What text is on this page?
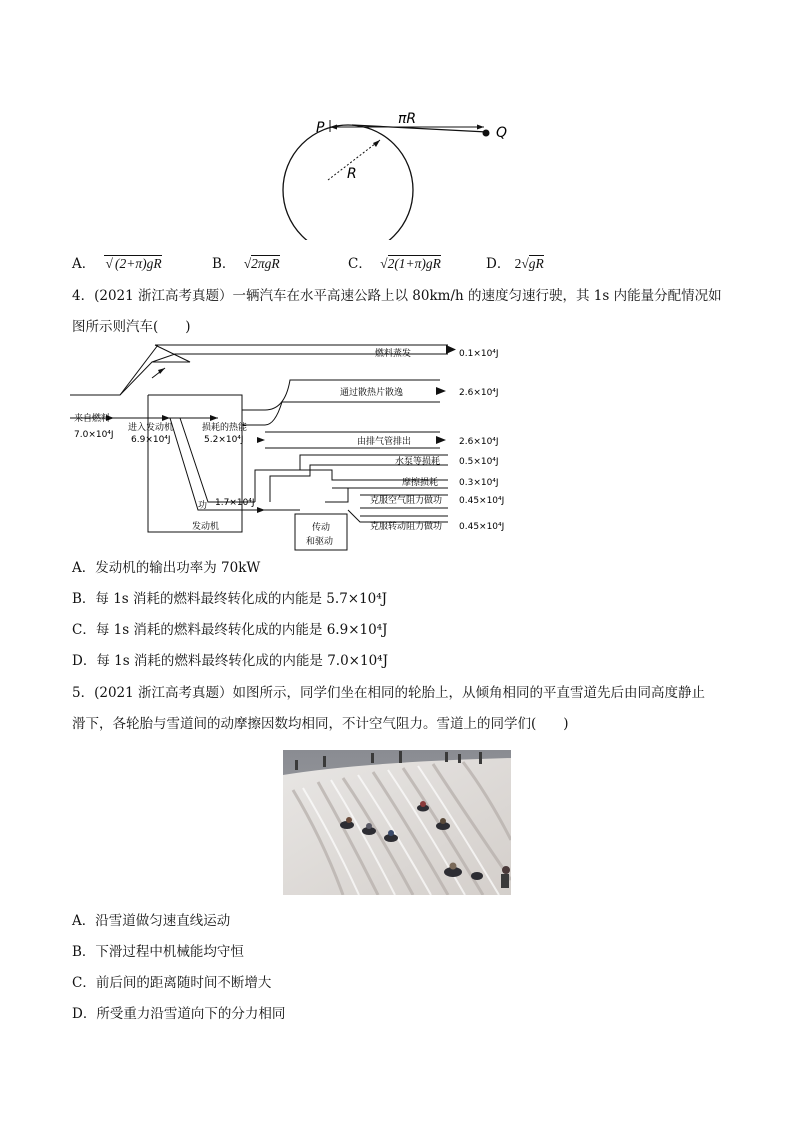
P	Q
πR
R
A． √ (2+π)gR	B． √2πgR	C． √2(1+π)gR	D． 2√gR
4．(2021 浙江高考真题）一辆汽车在水平高速公路上以 80km/h 的速度匀速行驶，其 1s 内能量分配情况如
图所示则汽车(　　)
燃料蒸发	0.1×10⁴J
通过散热片散逸	2.6×10⁴J
由排气管排出	2.6×10⁴J
水泵等损耗 0.5×10⁴J
摩擦损耗 0.3×10⁴J
克服空气阻力做功 0.45×10⁴J
克服转动阻力做功 0.45×10⁴J
来自燃料
7.0×10⁴J
进入发动机
6.9×10⁴J
损耗的热能
5.2×10⁴J
功 1.7×10⁴J
发动机	传动
和驱动
A．发动机的输出功率为 70kW
B．每 1s 消耗的燃料最终转化成的内能是 5.7×10⁴J
C．每 1s 消耗的燃料最终转化成的内能是 6.9×10⁴J
D．每 1s 消耗的燃料最终转化成的内能是 7.0×10⁴J
5．(2021 浙江高考真题）如图所示，同学们坐在相同的轮胎上，从倾角相同的平直雪道先后由同高度静止
滑下，各轮胎与雪道间的动摩擦因数均相同，不计空气阻力。雪道上的同学们(　　)
A．沿雪道做匀速直线运动
B．下滑过程中机械能均守恒
C．前后间的距离随时间不断增大
D．所受重力沿雪道向下的分力相同
